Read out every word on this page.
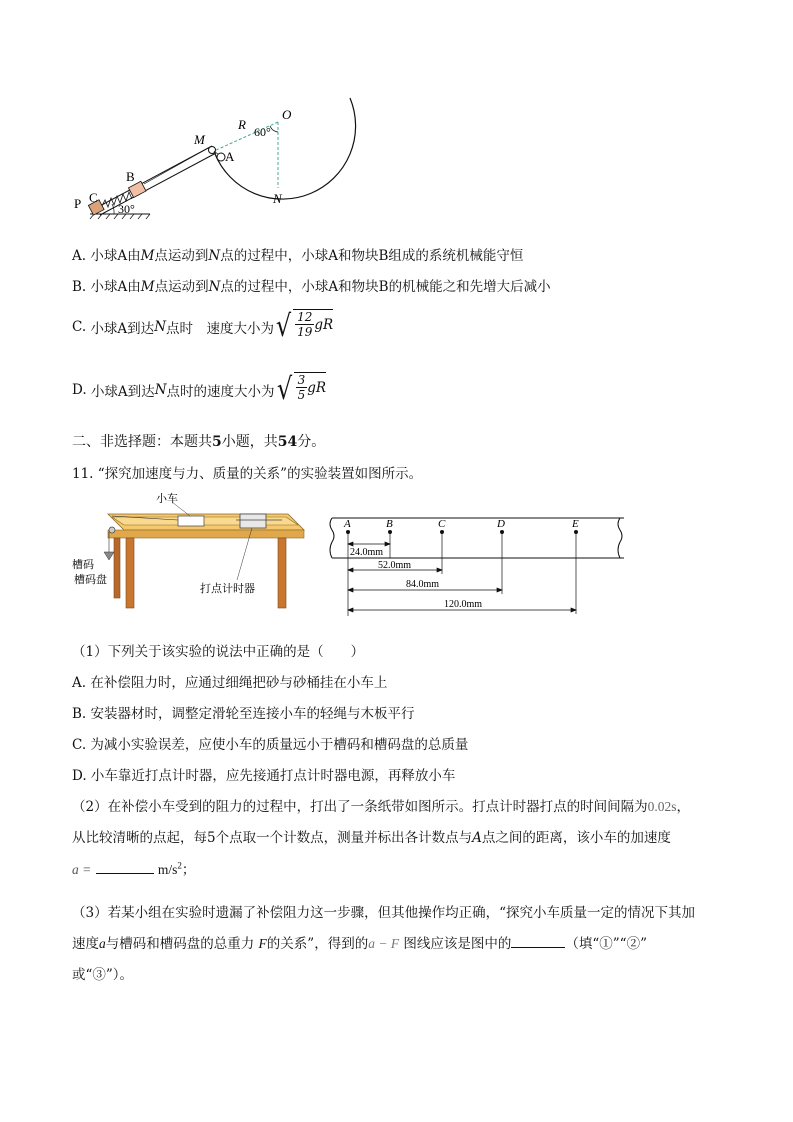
O
R 60°
M
A
B
C
P	N
30°
A. 小球A由M点运动到N点的过程中，小球A和物块B组成的系统机械能守恒
B. 小球A由M点运动到N点的过程中，小球A和物块B的机械能之和先增大后减小
C.
小球A到达 N 点时　速度大小为 √ $\frac{12}{19}$ gR
D.
小球A到达 N 点时的速度大小为 √ $\frac{3}{5}$ gR
二、非选择题：本题共5小题，共54分。
11. “探究加速度与力、质量的关系”的实验装置如图所示。
小车
槽码
槽码盘
打点计时器
A	B	C	D	E
24.0mm
52.0mm
84.0mm
120.0mm
（1）下列关于该实验的说法中正确的是（　　）
A. 在补偿阻力时，应通过细绳把砂与砂桶挂在小车上
B. 安装器材时，调整定滑轮至连接小车的轻绳与木板平行
C. 为减小实验误差，应使小车的质量远小于槽码和槽码盘的总质量
D. 小车靠近打点计时器，应先接通打点计时器电源，再释放小车
（2）在补偿小车受到的阻力的过程中，打出了一条纸带如图所示。打点计时器打点的时间间隔为0.02s，
从比较清晰的点起，每5个点取一个计数点，测量并标出各计数点与A点之间的距离，该小车的加速度
a =	$m/s^2$；
（3）若某小组在实验时遗漏了补偿阻力这一步骤，但其他操作均正确，“探究小车质量一定的情况下其加
速度a与槽码和槽码盘的总重力 F的关系”，得到的a − F 图线应该是图中的	（填“①”“②”
或“③”）。
